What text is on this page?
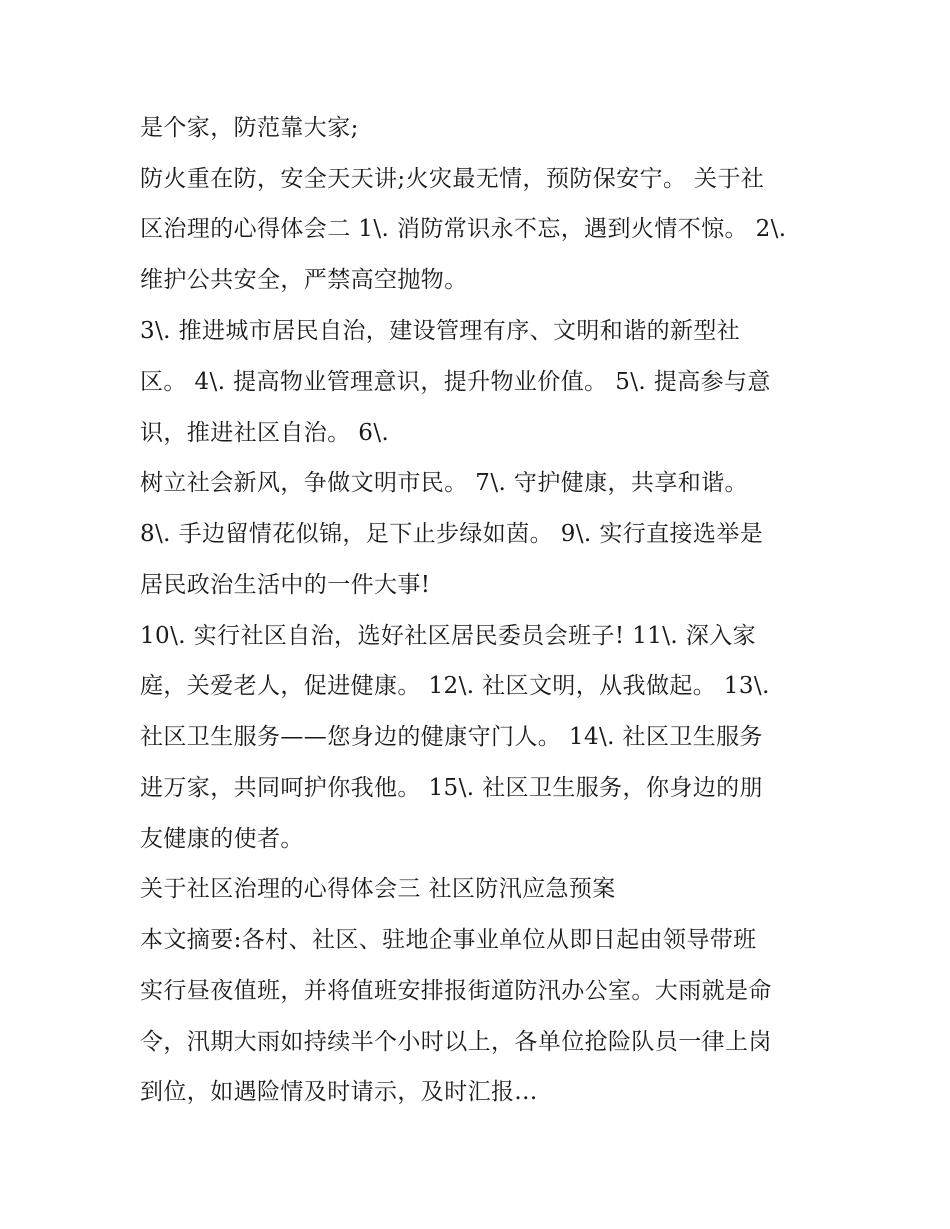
是个家，防范靠大家;
防火重在防，安全天天讲;火灾最无情，预防保安宁。 关于社
区治理的心得体会二 1\. 消防常识永不忘，遇到火情不惊。 2\.
维护公共安全，严禁高空抛物。
3\. 推进城市居民自治，建设管理有序、文明和谐的新型社
区。 4\. 提高物业管理意识，提升物业价值。 5\. 提高参与意
识，推进社区自治。 6\.
树立社会新风，争做文明市民。 7\. 守护健康，共享和谐。
8\. 手边留情花似锦，足下止步绿如茵。 9\. 实行直接选举是
居民政治生活中的一件大事!
10\. 实行社区自治，选好社区居民委员会班子! 11\. 深入家
庭，关爱老人，促进健康。 12\. 社区文明，从我做起。 13\.
社区卫生服务——您身边的健康守门人。 14\. 社区卫生服务
进万家，共同呵护你我他。 15\. 社区卫生服务，你身边的朋
友健康的使者。
关于社区治理的心得体会三 社区防汛应急预案
本文摘要:各村、社区、驻地企事业单位从即日起由领导带班
实行昼夜值班，并将值班安排报街道防汛办公室。大雨就是命
令，汛期大雨如持续半个小时以上，各单位抢险队员一律上岗
到位，如遇险情及时请示，及时汇报...
